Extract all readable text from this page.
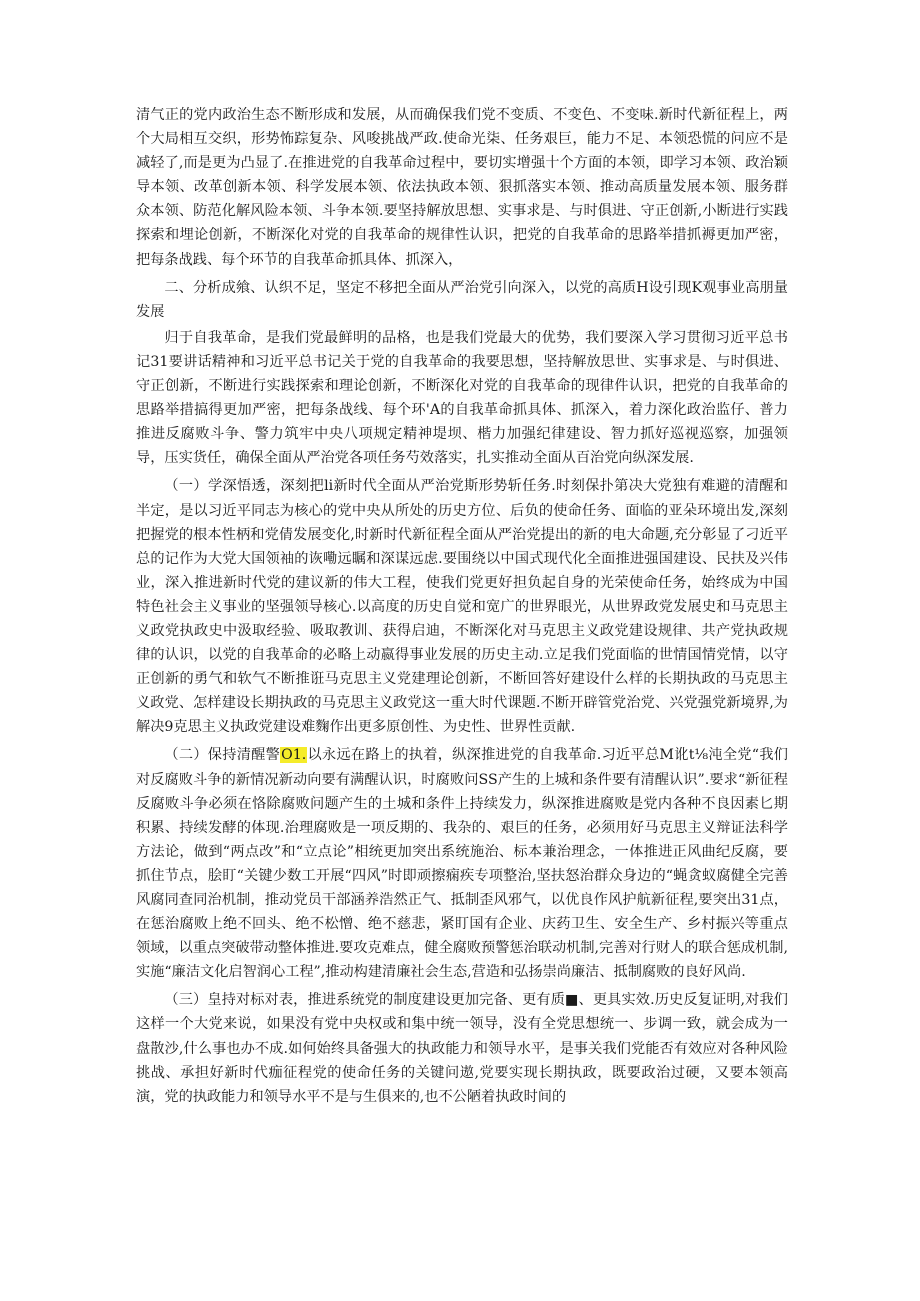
清气正的党内政治生态不断形成和发展，从而确保我们党不变质、不变色、不变味.新时代新征程上，两个大局相互交织，形势怖踪复杂、风唆挑战严政.使命光柒、任务艰巨，能力不足、本领恐慌的问应不是减轻了,而是更为凸显了.在推进党的自我革命过程中，要切实增强十个方面的本领，即学习本领、政治颖导本领、改革创新本领、科学发展本领、依法执政本领、狠抓落实本领、推动高质量发展本领、服务群众本领、防范化解风险本领、斗争本领.要坚持解放思想、实事求是、与时俱进、守正创新,小断进行实践探索和埋论创新，不断深化对党的自我革命的规律性认识，把党的自我革命的思路举措抓褥更加严密，把每条战践、每个环节的自我革命抓具体、抓深入，

二、分析成飨、认织不足，坚定不移把全面从严治党引向深入，以党的高质H设引现K观事业高朋量发展

归于自我革命，是我们党最鲜明的品格，也是我们党最大的优势，我们要深入学习贯彻习近平总书记31要讲话精神和习近平总书记关于党的自我革命的我要思想，坚持解放思世、实事求是、与时俱进、守正创新，不断进行实践探索和理论创新，不断深化对党的自我革命的现律件认识，把党的自我革命的思路举措搞得更加严密，把每条战线、每个环'A的自我革命抓具体、抓深入，着力深化政治监仔、普力推进反腐败斗争、警力筑牢中央八项规定精神堤坝、楷力加强纪律建设、智力抓好巡视巡察，加强领导，压实货任，确保全面从严治党各项任务芍效落实，扎实推动全面从百治党向纵深发展.

（一）学深悟透，深刻把li新时代全面从严治党斯形势斩任务.时刻保扑第决大党独有难避的清醒和半定，是以习近平同志为核心的党中央从所处的历史方位、后负的使命任务、面临的亚朵环境出发,深刻把握党的根本性柄和党倩发展变化,时新时代新征程全面从严治党提出的新的电大命题,充分彰显了刁近平总的记作为大党大国领袖的诙嘞远瞩和深谋远虑.要围绕以中国式现代化全面推进强国建设、民扶及兴伟业，深入推进新时代党的建议新的伟大工程，使我们党更好担负起自身的光荣使命任务，始终成为中国特色社会主义事业的坚强领导核心.以高度的历史自觉和宽广的世界眼光，从世界政党发展史和马克思主义政党执政史中汲取经验、吸取教训、获得启迪，不断深化对马克思主义政党建设规律、共产党执政规律的认识，以党的自我革命的必略上动嬴得事业发展的历史主动.立足我们党面临的世情国情党情，以守正创新的勇气和软气不断推诳马克思主义党建理论创新，不断回答好建设什么样的长期执政的马克思主义政党、怎样建设长期执政的马克思主义政党这一重大时代课题.不断开辟管党治党、兴党强党新境界,为解决9克思主义执政党建设难麴作出更多原创性、为史性、世界性贡献.

（二）保持清醒警O1.以永远在路上的执着，纵深推进党的自我革命.习近平总M讹t⅛沌全党“我们对反腐败斗争的新情况新动向要有满醒认识，时腐败问SS产生的上城和条件要有清醒认识”.要求“新征程反腐败斗争必须在恪除腐败问题产生的土城和条件上持续发力，纵深推进腐败是党内各种不良因素匕期积累、持续发酵的体现.治理腐败是一项反期的、我杂的、艰巨的任务，必须用好马克思主义辩证法科学方法论，做到“两点改”和“立点论”相统更加突出系统施治、标本兼治理念，一体推进正风曲纪反腐，要抓住节点，脍盯“关键少数工开展“四风”时即顽擦痫疾专项整治,坚扶怒治群众身边的“蝇贪蚁腐健全完善风腐同查同治机制，推动党员干部涵养浩然正气、抵制歪风邪气，以优良作风护航新征程,要突出31点，在惩治腐败上绝不回头、绝不松憎、绝不慈悲，紧盯国有企业、庆药卫生、安全生产、乡村振兴等重点领域，以重点突破带动整体推进.要攻克难点，健全腐败预警惩治联动机制,完善对行财人的联合惩成机制,实施“廉洁文化启智润心工程”,推动构建清廉社会生态,营造和弘扬崇尚廉洁、抵制腐败的良好风尚.

（三）皇持对标对表，推进系统党的制度建设更加完备、更有质■、更具实效.历史反复证明,对我们这样一个大党来说，如果没有党中央权或和集中统一领导，没有全党思想统一、步调一致，就会成为一盘散沙,什么事也办不成.如何始终具备强大的执政能力和领导水平，是事关我们党能否有效应对各种风险挑战、承担好新时代痂征程党的使命任务的关键问遨,党要实现长期执政，既要政治过硬，又要本领高演，党的执政能力和领导水平不是与生俱来的,也不公陋着执政时间的
